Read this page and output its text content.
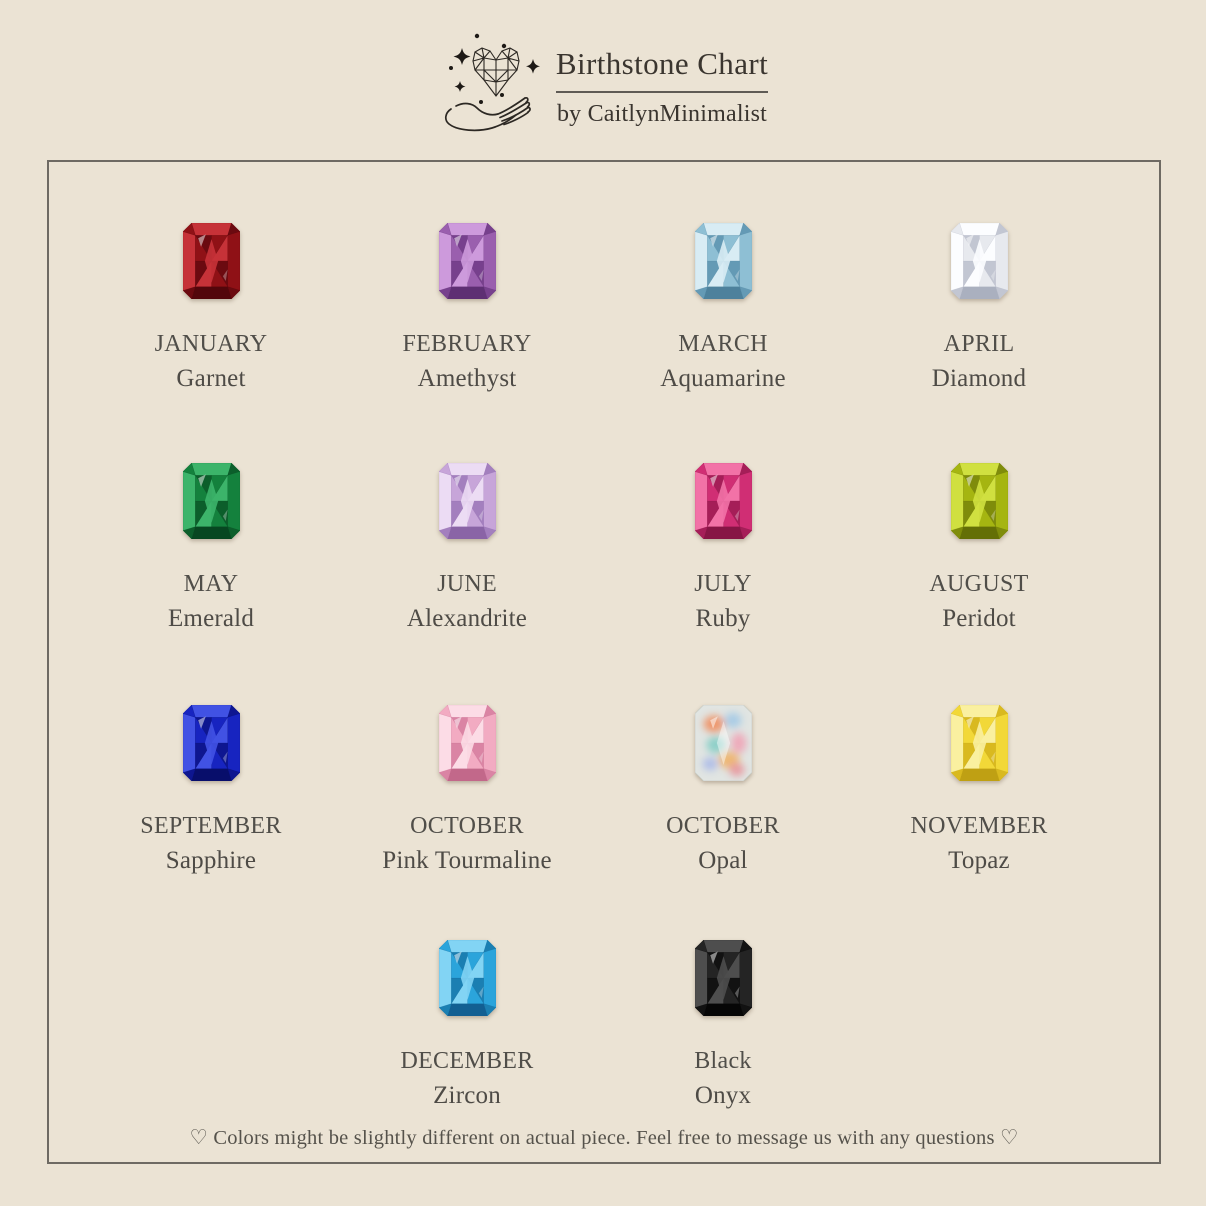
Birthstone Chart
by CaitlynMinimalist
JANUARY
Garnet
FEBRUARY
Amethyst
MARCH
Aquamarine
APRIL
Diamond
MAY
Emerald
JUNE
Alexandrite
JULY
Ruby
AUGUST
Peridot
SEPTEMBER
Sapphire
OCTOBER
Pink Tourmaline
OCTOBER
Opal
NOVEMBER
Topaz
DECEMBER
Zircon
Black
Onyx

♡ Colors might be slightly different on actual piece. Feel free to message us with any questions ♡
